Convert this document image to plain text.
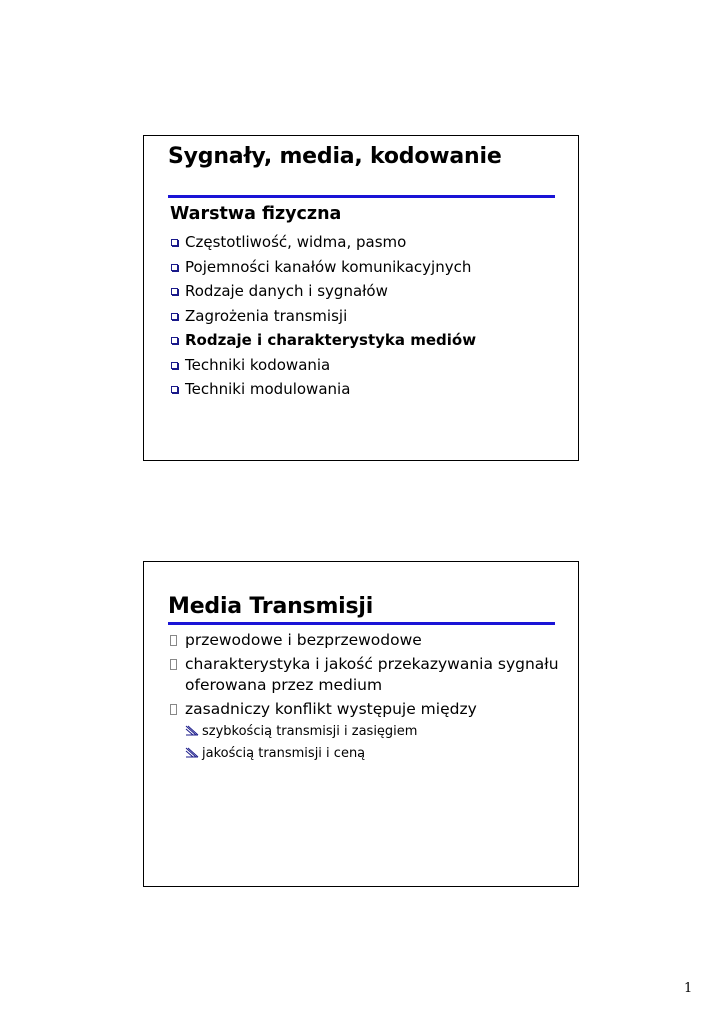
Sygnały, media, kodowanie
Warstwa fizyczna
Częstotliwość, widma, pasmo
Pojemności kanałów komunikacyjnych
Rodzaje danych i sygnałów
Zagrożenia transmisji
Rodzaje i charakterystyka mediów
Techniki kodowania
Techniki modulowania
Media Transmisji
przewodowe i bezprzewodowe
charakterystyka i jakość przekazywania sygnału oferowana przez medium
zasadniczy konflikt występuje między
szybkością transmisji i zasięgiem
jakością transmisji i ceną
1
